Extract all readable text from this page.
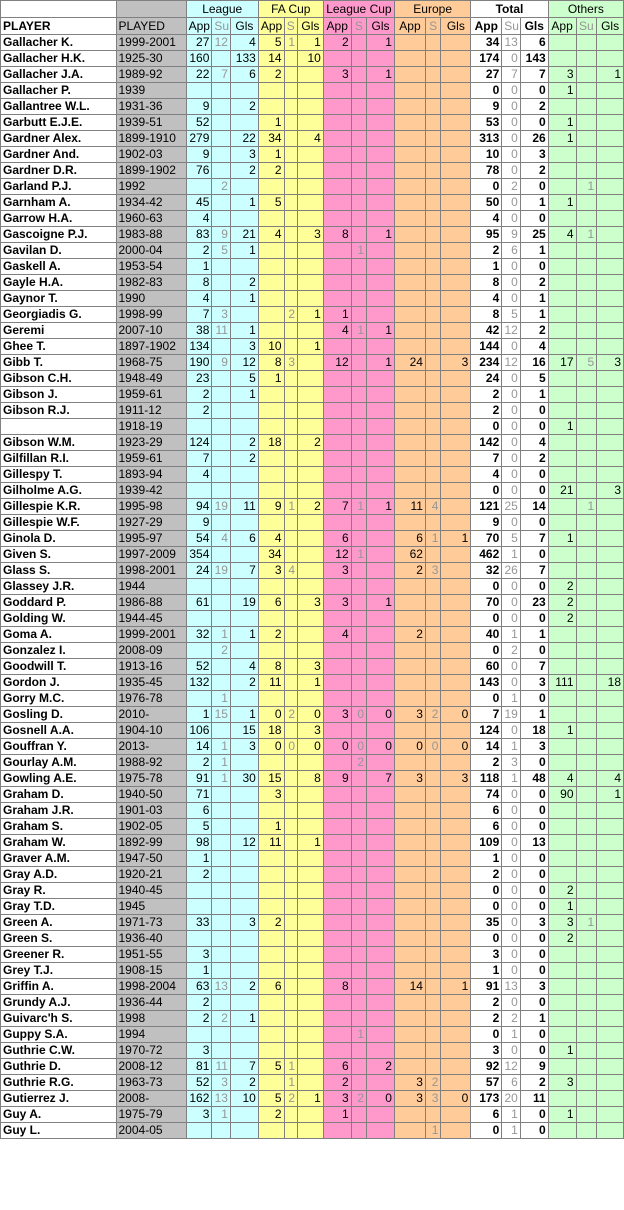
		League			FA Cup			League Cup			Europe			Total			Others		
PLAYER	PLAYED	App	Su	Gls	App	S	Gls	App	S	Gls	App	S	Gls	App	Su	Gls	App	Su	Gls
Gallacher K.	1999-2001	27	12	4	5	1	1	2		1				34	13	6			
Gallacher H.K.	1925-30	160		133	14		10							174	0	143			
Gallacher J.A.	1989-92	22	7	6	2			3		1				27	7	7	3		1
Gallacher P.	1939													0	0	0	1		
Gallantree W.L.	1931-36	9		2										9	0	2			
Garbutt E.J.E.	1939-51	52			1									53	0	0	1		
Gardner Alex.	1899-1910	279		22	34		4							313	0	26	1		
Gardner And.	1902-03	9		3	1									10	0	3			
Gardner D.R.	1899-1902	76		2	2									78	0	2			
Garland P.J.	1992		2											0	2	0		1	
Garnham A.	1934-42	45		1	5									50	0	1	1		
Garrow H.A.	1960-63	4												4	0	0			
Gascoigne P.J.	1983-88	83	9	21	4		3	8		1				95	9	25	4	1	
Gavilan D.	2000-04	2	5	1					1					2	6	1			
Gaskell A.	1953-54	1												1	0	0			
Gayle H.A.	1982-83	8		2										8	0	2			
Gaynor T.	1990	4		1										4	0	1			
Georgiadis G.	1998-99	7	3			2	1	1						8	5	1			
Geremi	2007-10	38	11	1				4	1	1				42	12	2			
Ghee T.	1897-1902	134		3	10		1							144	0	4			
Gibb T.	1968-75	190	9	12	8	3		12		1	24		3	234	12	16	17	5	3
Gibson C.H.	1948-49	23		5	1									24	0	5			
Gibson J.	1959-61	2		1										2	0	1			
Gibson R.J.	1911-12	2												2	0	0			
	1918-19													0	0	0	1		
Gibson W.M.	1923-29	124		2	18		2							142	0	4			
Gilfillan R.I.	1959-61	7		2										7	0	2			
Gillespy T.	1893-94	4												4	0	0			
Gilholme A.G.	1939-42													0	0	0	21		3
Gillespie K.R.	1995-98	94	19	11	9	1	2	7	1	1	11	4		121	25	14		1	
Gillespie W.F.	1927-29	9												9	0	0			
Ginola D.	1995-97	54	4	6	4			6			6	1	1	70	5	7	1		
Given S.	1997-2009	354			34			12	1		62			462	1	0			
Glass S.	1998-2001	24	19	7	3	4		3			2	3		32	26	7			
Glassey J.R.	1944													0	0	0	2		
Goddard P.	1986-88	61		19	6		3	3		1				70	0	23	2		
Golding W.	1944-45													0	0	0	2		
Goma A.	1999-2001	32	1	1	2			4			2			40	1	1			
Gonzalez I.	2008-09		2											0	2	0			
Goodwill T.	1913-16	52		4	8		3							60	0	7			
Gordon J.	1935-45	132		2	11		1							143	0	3	111		18
Gorry M.C.	1976-78		1											0	1	0			
Gosling D.	2010-	1	15	1	0	2	0	3	0	0	3	2	0	7	19	1			
Gosnell A.A.	1904-10	106		15	18		3							124	0	18	1		
Gouffran Y.	2013-	14	1	3	0	0	0	0	0	0	0	0	0	14	1	3			
Gourlay A.M.	1988-92	2	1						2					2	3	0			
Gowling A.E.	1975-78	91	1	30	15		8	9		7	3		3	118	1	48	4		4
Graham D.	1940-50	71			3									74	0	0	90		1
Graham J.R.	1901-03	6												6	0	0			
Graham S.	1902-05	5			1									6	0	0			
Graham W.	1892-99	98		12	11		1							109	0	13			
Graver A.M.	1947-50	1												1	0	0			
Gray A.D.	1920-21	2												2	0	0			
Gray R.	1940-45													0	0	0	2		
Gray T.D.	1945													0	0	0	1		
Green A.	1971-73	33		3	2									35	0	3	3	1	
Green S.	1936-40													0	0	0	2		
Greener R.	1951-55	3												3	0	0			
Grey T.J.	1908-15	1												1	0	0			
Griffin A.	1998-2004	63	13	2	6			8			14		1	91	13	3			
Grundy A.J.	1936-44	2												2	0	0			
Guivarc'h S.	1998	2	2	1										2	2	1			
Guppy S.A.	1994								1					0	1	0			
Guthrie C.W.	1970-72	3												3	0	0	1		
Guthrie D.	2008-12	81	11	7	5	1		6		2				92	12	9			
Guthrie R.G.	1963-73	52	3	2		1		2			3	2		57	6	2	3		
Gutierrez J.	2008-	162	13	10	5	2	1	3	2	0	3	3	0	173	20	11			
Guy A.	1975-79	3	1		2			1						6	1	0	1		
Guy L.	2004-05											1		0	1	0			
